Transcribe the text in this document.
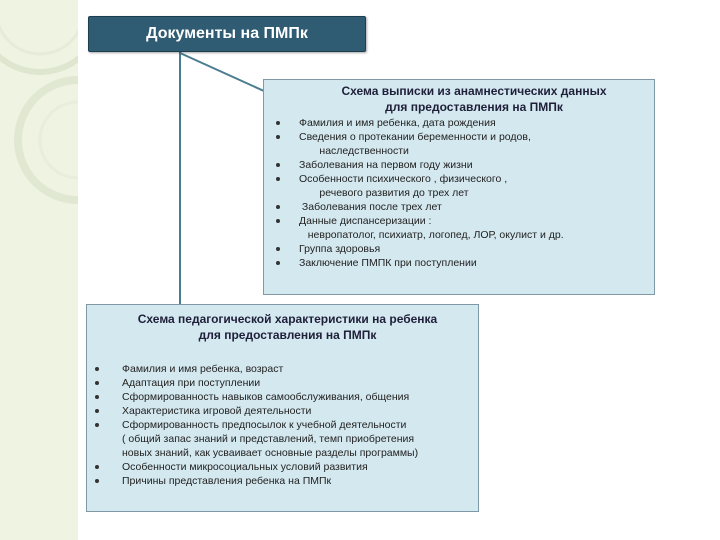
Документы на ПМПк
Схема выписки из анамнестических данных
для предоставления на ПМПк
Фамилия и имя ребенка, дата рождения
Сведения о протекании беременности и родов,
наследственности
Заболевания на первом году жизни
Особенности психического , физического ,
речевого развития до трех лет
Заболевания после трех лет
Данные диспансеризации :
невропатолог, психиатр, логопед, ЛОР, окулист и др.
Группа здоровья
Заключение ПМПК при поступлении
Схема педагогической характеристики на ребенка
для предоставления на ПМПк
Фамилия и имя ребенка, возраст
Адаптация при поступлении
Сформированность навыков самообслуживания, общения
Характеристика игровой деятельности
Сформированность предпосылок к учебной деятельности
( общий запас знаний и представлений, темп приобретения
новых знаний, как усваивает основные разделы программы)
Особенности микросоциальных условий развития
Причины представления ребенка на ПМПк
